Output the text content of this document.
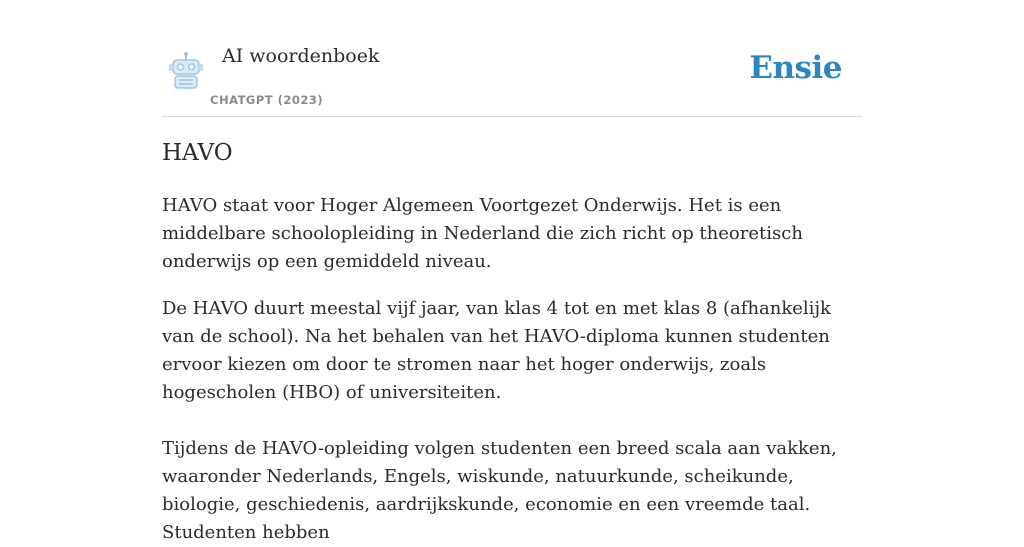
AI woordenboek
CHATGPT (2023)
Ensie
HAVO

HAVO staat voor Hoger Algemeen Voortgezet Onderwijs. Het is een middelbare schoolopleiding in Nederland die zich richt op theoretisch onderwijs op een gemiddeld niveau.

De HAVO duurt meestal vijf jaar, van klas 4 tot en met klas 8 (afhankelijk van de school). Na het behalen van het HAVO-diploma kunnen studenten ervoor kiezen om door te stromen naar het hoger onderwijs, zoals hogescholen (HBO) of universiteiten.

Tijdens de HAVO-opleiding volgen studenten een breed scala aan vakken, waaronder Nederlands, Engels, wiskunde, natuurkunde, scheikunde, biologie, geschiedenis, aardrijkskunde, economie en een vreemde taal. Studenten hebben
